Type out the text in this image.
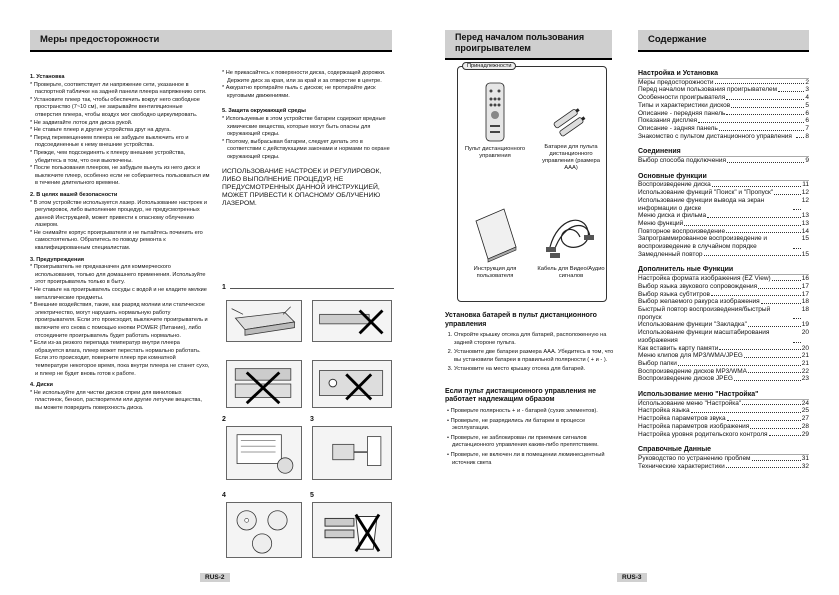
Меры предосторожности	Перед началом пользования проигрывателем
Содержание
1. Установка
* Проверьте, соответствует ли напряжение сети, указанное в паспортной табличке на задней панели плеера напряжению сети.
* Установите плеер так, чтобы обеспечить вокруг него свободное пространство (7~10 см), не закрывайте вентиляционные отверстия плеера, чтобы воздух мог свободно циркулировать.
* Не задвигайте лоток для диска рукой.
* Не ставьте плеер и другие устройства друг на друга.
* Перед перемещением плеера не забудьте выключить его и подсоединенные к нему внешние устройства.
* Прежде, чем подсоединять к плееру внешние устройства, убедитесь в том, что они выключены.
* После пользования плеером, не забудьте вынуть из него диск и выключите плеер, особенно если не собираетесь пользоваться им в течение длительного времени.
2. В целях вашей безопасности
* В этом устройстве используется лазер. Использование настроек и регулировок, либо выполнение процедур, не предусмотренных данной Инструкцией, может привести к опасному облучению лазером.
* Не снимайте корпус проигрывателя и не пытайтесь починить его самостоятельно. Обратитесь по поводу ремонта к квалифицированным специалистам.
3. Предупреждения
* Проигрыватель не предназначен для коммерческого использования, только для домашнего применения. Используйте этот проигрыватель только в быту.
* Не ставьте на проигрыватель сосуды с водой и не кладите мелкие металлические предметы.
* Внешние воздействия, такие, как разряд молнии или статическое электричество, могут нарушить нормальную работу проигрывателя. Если это происходит, выключите проигрыватель и включите его снова с помощью кнопки POWER (Питание), либо отсоедините проигрыватель будет работать нормально.
* Если из-за резкого перепада температур внутри плеера образуется влага, плеер может перестать нормально работать. Если это происходит, поверните плеер при комнатной температуре некоторое время, пока внутри плеера не станет сухо, и плеер не будет вновь готов к работе.
4. Диски
* Не используйте для чистки дисков спреи для виниловых пластинок, бензол, растворители или другие летучие вещества, вы можете повредить поверхность диска.
* Не прикасайтесь к поверхности диска, содержащей дорожки. Держите диск за края, или за край и за отверстие в центре.
* Аккуратно протирайте пыль с дисков; не протирайте диск круговыми движениями.
5. Защита окружающей среды
* Используемые в этом устройстве батареи содержат вредные химические вещества, которые могут быть опасны для окружающей среды.
* Поэтому, выбрасывая батареи, следует делать это в соответствии с действующими законами и нормами по охране окружающей среды.
ИСПОЛЬЗОВАНИЕ НАСТРОЕК И РЕГУЛИРОВОК, ЛИБО ВЫПОЛНЕНИЕ ПРОЦЕДУР, НЕ ПРЕДУСМОТРЕННЫХ ДАННОЙ ИНСТРУКЦИЕЙ, МОЖЕТ ПРИВЕСТИ К ОПАСНОМУ ОБЛУЧЕНИЮ ЛАЗЕРОМ.
1
2	3
4	5
RUS-2
Принадлежности
Пульт дистанционного управления
Батареи для пульта дистанционного управления (размера AAA)
Инструкция для пользователя
Кабель для Видео/Аудио сигналов
Установка батарей в пульт дистанционного управления
1. Откройте крышку отсека для батарей, расположенную на задней стороне пульта.
2. Установите две батареи размера AAA. Убедитесь в том, что вы установили батареи в правильной полярности ( + и - ).
3. Установите на место крышку отсека для батарей.
Если пульт дистанционного управления не работает надлежащим образом
• Проверьте полярность + и - батарей (сухих элементов).
• Проверьте, не разрядились ли батареи в процессе эксплуатации.
• Проверьте, не заблокирован ли приемник сигналов дистанционного управления каким-либо препятствием.
• Проверьте, не включен ли в помещении люминесцентный источник света
RUS-3
Настройка и Установка
Меры предосторожности	2
Перед началом пользования проигрывателем	3
Особенности проигрывателя	4
Типы и характеристики дисков	5
Описание - передняя панель	6
Показания дисплея	6
Описание - задняя панель	7
Знакомство с пультом дистанционного управления	8
Соединения
Выбор способа подключения	9
Основные функции
Воспроизведение диска	11
Использование функций "Поиск" и "Пропуск"	12
Использование функции вывода на экран информации о диске
12
Меню диска и фильма	13
Меню функций	13
Повторное воспроизведение	14
Запрограммированное воспроизведение и воспроизведение в случайном порядке
15
Замедленный повтор	15
Дополнитель ные Функции
Настройка формата изображения (EZ View)	16
Выбор языка звукового сопровождения	17
Выбор языка субтитров	17
Выбор желаемого ракурса изображения	18
Быстрый повтор воспроизведения/быстрый пропуск
18
Использование функции "Закладка"	19
Использование функции масштабирования изображения
20
Как вставить карту памяти	20
Меню клипов для MP3/WMA/JPEG	21
Выбор папки	21
Воспроизведение дисков MP3/WMA	22
Воспроизведение дисков JPEG	23
Использование меню "Настройка"
Использование меню "Настройка"	24
Настройка языка	25
Настройка параметров звука	27
Настройка параметров изображения	28
Настройка уровня родительского контроля	29
Справочные Данные
Руководство по устранению проблем	31
Технические характеристики	32
